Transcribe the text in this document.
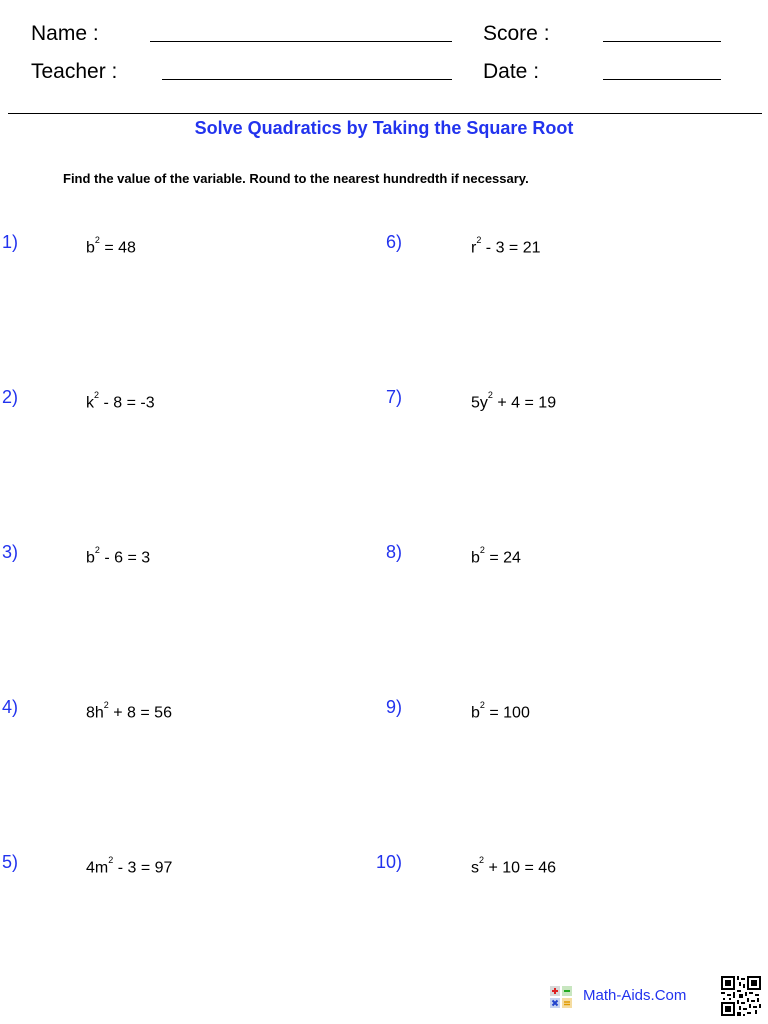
Name :	Score :
Teacher :	Date :
Solve Quadratics by Taking the Square Root
Find the value of the variable. Round to the nearest hundredth if necessary.
1)	$b^2 = 48$
2)	$k^2 - 8 = -3$
3)	$b^2 - 6 = 3$
4)	$8h^2 + 8 = 56$
5)	$4m^2 - 3 = 97$
6)	$r^2 - 3 = 21$
7)	$5y^2 + 4 = 19$
8)	$b^2 = 24$
9)	$b^2 = 100$
10)	$s^2 + 10 = 46$
Math-Aids.Com
